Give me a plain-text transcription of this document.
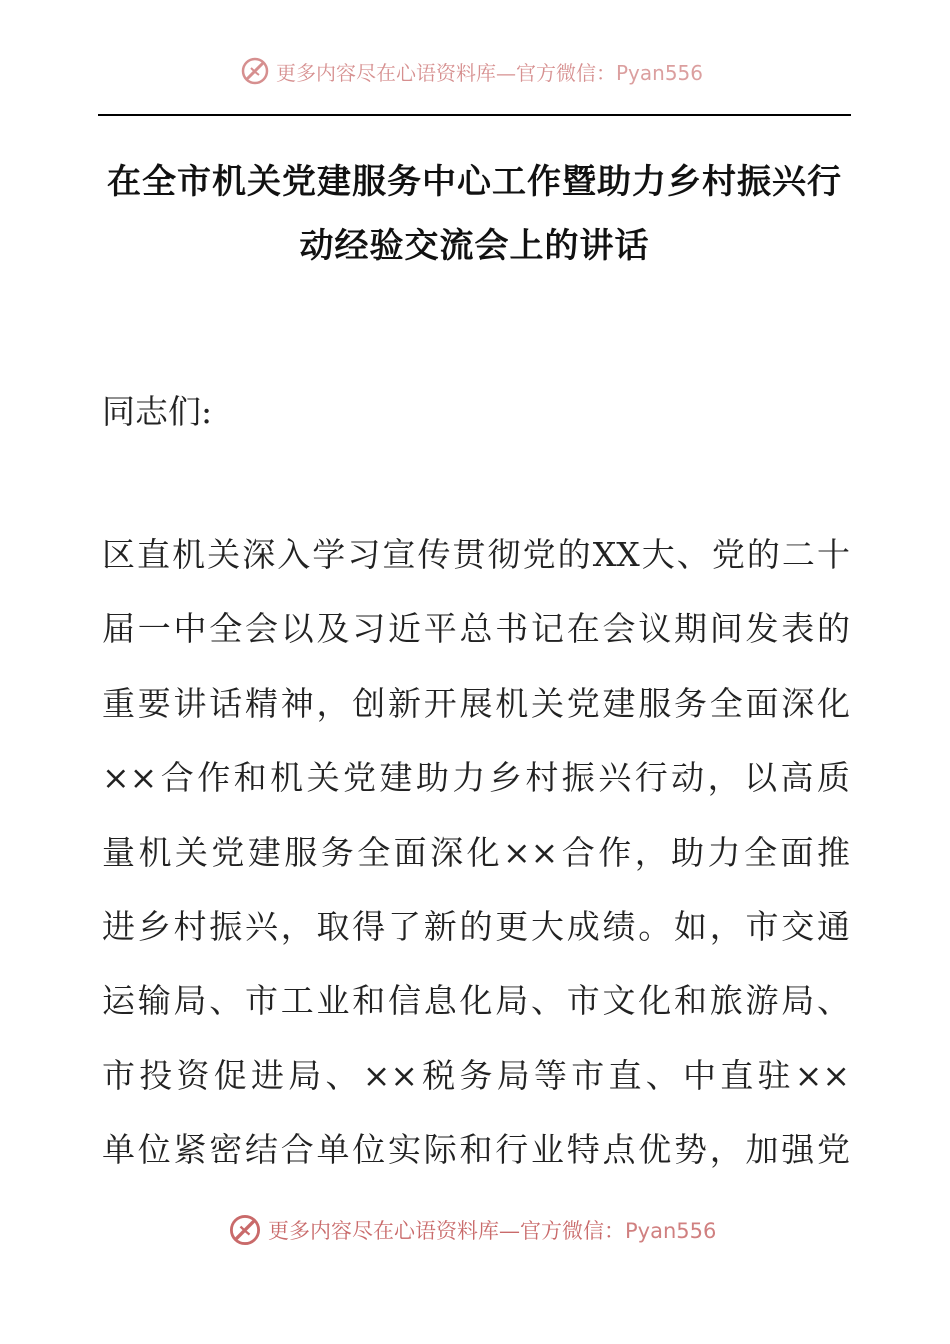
更多内容尽在心语资料库—官方微信：Pyan556
在全市机关党建服务中心工作暨助力乡村振兴行
动经验交流会上的讲话
同志们:
区直机关深入学习宣传贯彻党的XX大、党的二十
届一中全会以及习近平总书记在会议期间发表的
重要讲话精神，创新开展机关党建服务全面深化
××合作和机关党建助力乡村振兴行动，以高质
量机关党建服务全面深化××合作，助力全面推
进乡村振兴，取得了新的更大成绩。如，市交通
运输局、市工业和信息化局、市文化和旅游局、
市投资促进局、××税务局等市直、中直驻××
单位紧密结合单位实际和行业特点优势，加强党
更多内容尽在心语资料库—官方微信：Pyan556
